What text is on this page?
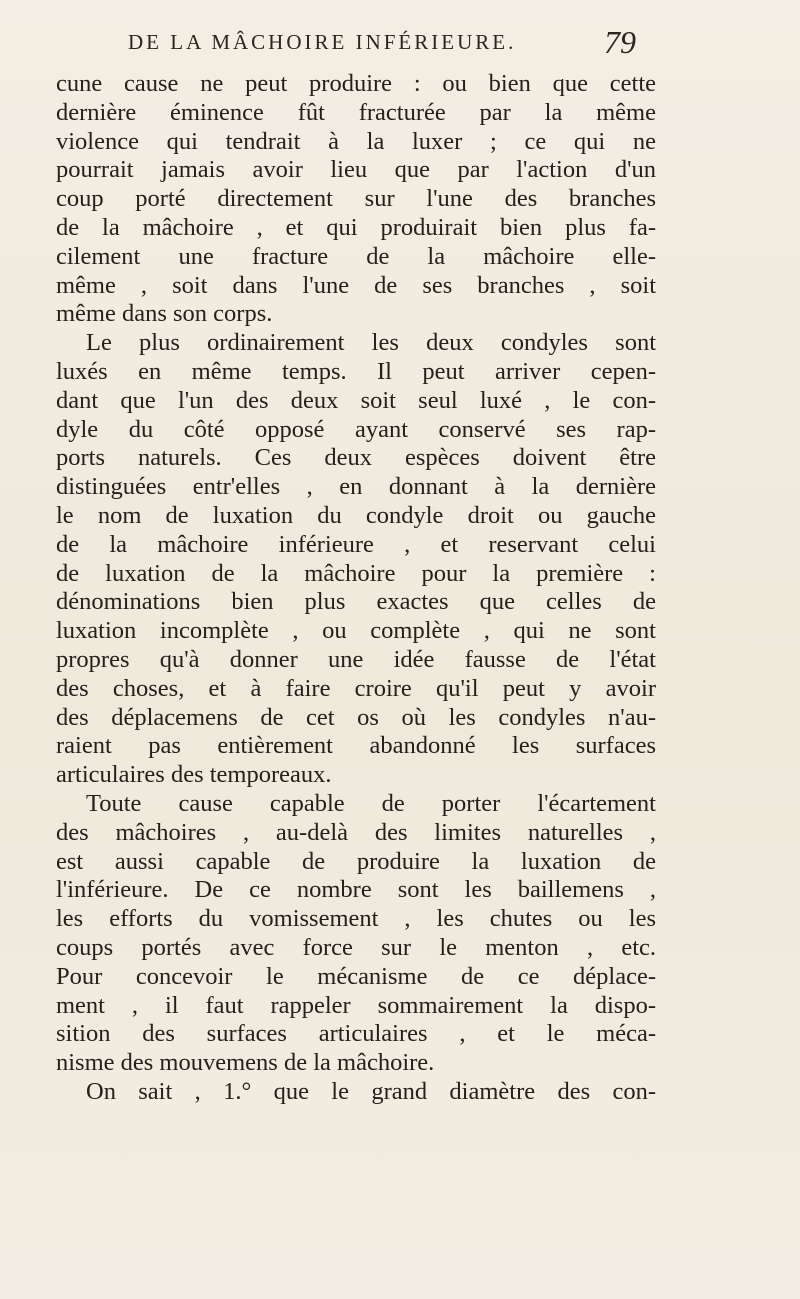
DE LA MÂCHOIRE INFÉRIEURE.	79
cune cause ne peut produire : ou bien que cette
dernière éminence fût fracturée par la même
violence qui tendrait à la luxer ; ce qui ne
pourrait jamais avoir lieu que par l'action d'un
coup porté directement sur l'une des branches
de la mâchoire , et qui produirait bien plus fa-
cilement une fracture de la mâchoire elle-
même , soit dans l'une de ses branches , soit
même dans son corps.
Le plus ordinairement les deux condyles sont
luxés en même temps. Il peut arriver cepen-
dant que l'un des deux soit seul luxé , le con-
dyle du côté opposé ayant conservé ses rap-
ports naturels. Ces deux espèces doivent être
distinguées entr'elles , en donnant à la dernière
le nom de luxation du condyle droit ou gauche
de la mâchoire inférieure , et reservant celui
de luxation de la mâchoire pour la première :
dénominations bien plus exactes que celles de
luxation incomplète , ou complète , qui ne sont
propres qu'à donner une idée fausse de l'état
des choses, et à faire croire qu'il peut y avoir
des déplacemens de cet os où les condyles n'au-
raient pas entièrement abandonné les surfaces
articulaires des temporeaux.
Toute cause capable de porter l'écartement
des mâchoires , au-delà des limites naturelles ,
est aussi capable de produire la luxation de
l'inférieure. De ce nombre sont les baillemens ,
les efforts du vomissement , les chutes ou les
coups portés avec force sur le menton , etc.
Pour concevoir le mécanisme de ce déplace-
ment , il faut rappeler sommairement la dispo-
sition des surfaces articulaires , et le méca-
nisme des mouvemens de la mâchoire.
On sait , 1.° que le grand diamètre des con-
